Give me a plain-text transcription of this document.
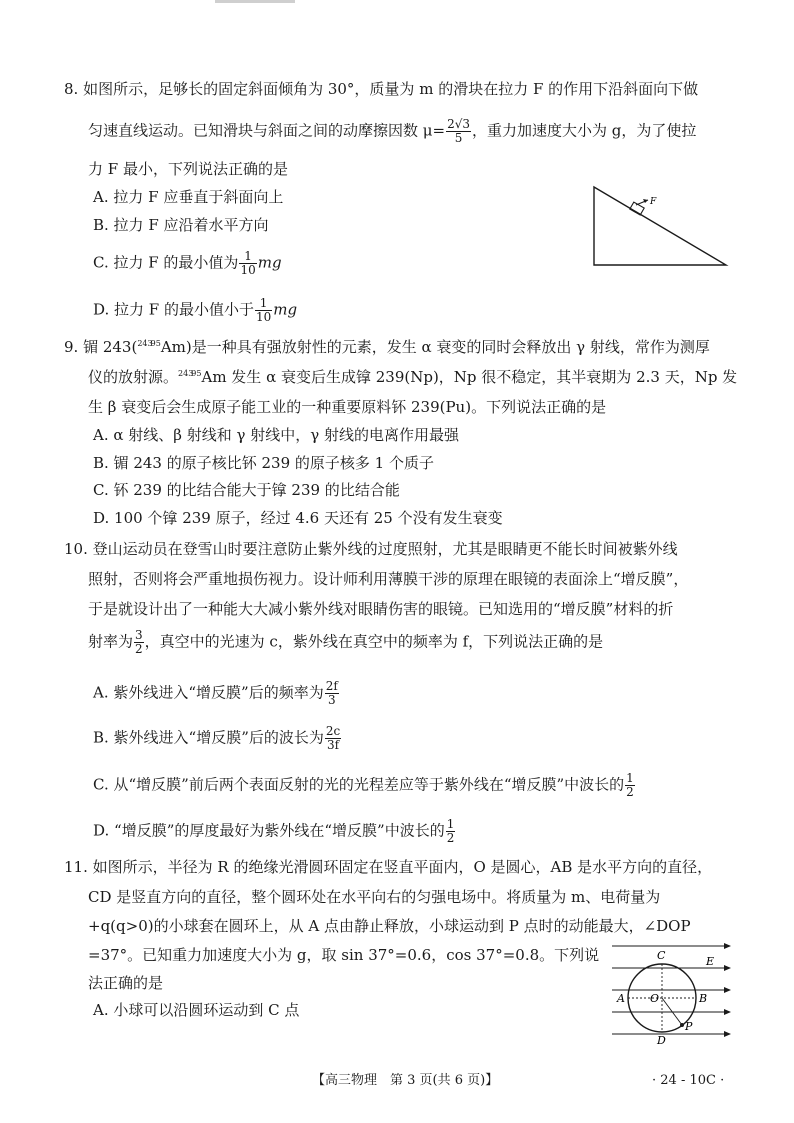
8. 如图所示，足够长的固定斜面倾角为 30°，质量为 m 的滑块在拉力 F 的作用下沿斜面向下做
匀速直线运动。已知滑块与斜面之间的动摩擦因数 $\mu= \frac{2√3}{5}$ ，重力加速度大小为 g，为了使拉
力 F 最小，下列说法正确的是
A. 拉力 F 应垂直于斜面向上
B. 拉力 F 应沿着水平方向
C. 拉力 F 的最小值为 $\frac{1}{10}$ mg
D. 拉力 F 的最小值小于 $\frac{1}{10}$ mg
F
9. 镅 243($^{24395}$Am)是一种具有强放射性的元素，发生 α 衰变的同时会释放出 γ 射线，常作为测厚
仪的放射源。$^{24395}$Am 发生 α 衰变后生成镎 239(Np)，Np 很不稳定，其半衰期为 2.3 天，Np 发
生 β 衰变后会生成原子能工业的一种重要原料钚 239(Pu)。下列说法正确的是
A. α 射线、β 射线和 γ 射线中，γ 射线的电离作用最强
B. 镅 243 的原子核比钚 239 的原子核多 1 个质子
C. 钚 239 的比结合能大于镎 239 的比结合能
D. 100 个镎 239 原子，经过 4.6 天还有 25 个没有发生衰变
10. 登山运动员在登雪山时要注意防止紫外线的过度照射，尤其是眼睛更不能长时间被紫外线
照射，否则将会严重地损伤视力。设计师利用薄膜干涉的原理在眼镜的表面涂上“增反膜”，
于是就设计出了一种能大大减小紫外线对眼睛伤害的眼镜。已知选用的“增反膜”材料的折
射率为 $\frac{3}{2}$ ，真空中的光速为 c，紫外线在真空中的频率为 f，下列说法正确的是
A. 紫外线进入“增反膜”后的频率为 $\frac{2f}{3}$
B. 紫外线进入“增反膜”后的波长为 $\frac{2c}{3f}$
C. 从“增反膜”前后两个表面反射的光的光程差应等于紫外线在“增反膜”中波长的 $\frac{1}{2}$
D. “增反膜”的厚度最好为紫外线在“增反膜”中波长的 $\frac{1}{2}$
11. 如图所示，半径为 R 的绝缘光滑圆环固定在竖直平面内，O 是圆心，AB 是水平方向的直径，
CD 是竖直方向的直径，整个圆环处在水平向右的匀强电场中。将质量为 m、电荷量为
+q(q>0)的小球套在圆环上，从 A 点由静止释放，小球运动到 P 点时的动能最大，∠DOP
=37°。已知重力加速度大小为 g，取 sin 37°=0.6，cos 37°=0.8。下列说
法正确的是
A. 小球可以沿圆环运动到 C 点
C
D
A	B
O
P
E
【高三物理　第 3 页(共 6 页)】	· 24 - 10C ·
